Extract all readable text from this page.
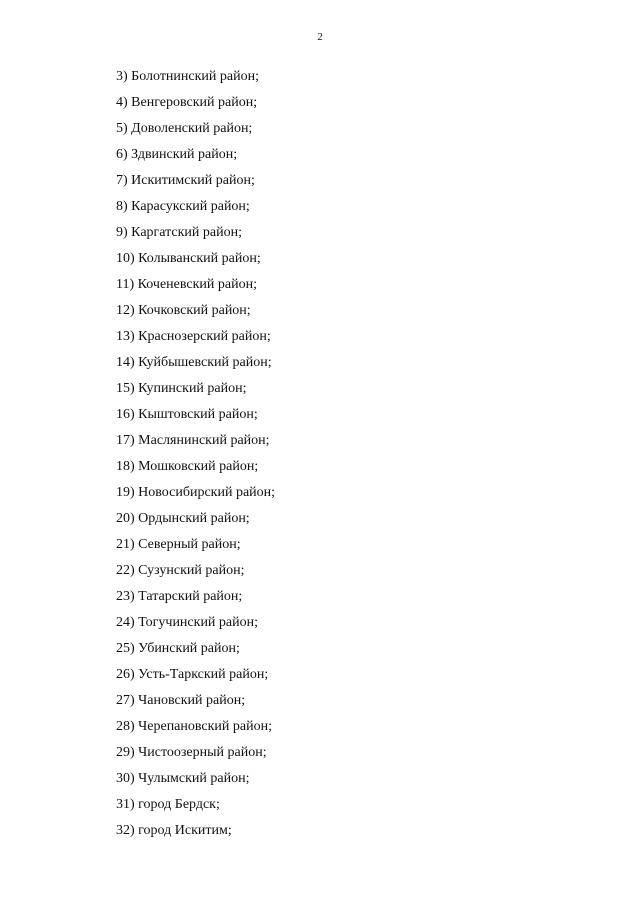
2
3) Болотнинский район;
4) Венгеровский район;
5) Доволенский район;
6) Здвинский район;
7) Искитимский район;
8) Карасукский район;
9) Каргатский район;
10) Колыванский район;
11) Коченевский район;
12) Кочковский район;
13) Краснозерский район;
14) Куйбышевский район;
15) Купинский район;
16) Кыштовский район;
17) Маслянинский район;
18) Мошковский район;
19) Новосибирский район;
20) Ордынский район;
21) Северный район;
22) Сузунский район;
23) Татарский район;
24) Тогучинский район;
25) Убинский район;
26) Усть-Таркский район;
27) Чановский район;
28) Черепановский район;
29) Чистоозерный район;
30) Чулымский район;
31) город Бердск;
32) город Искитим;
